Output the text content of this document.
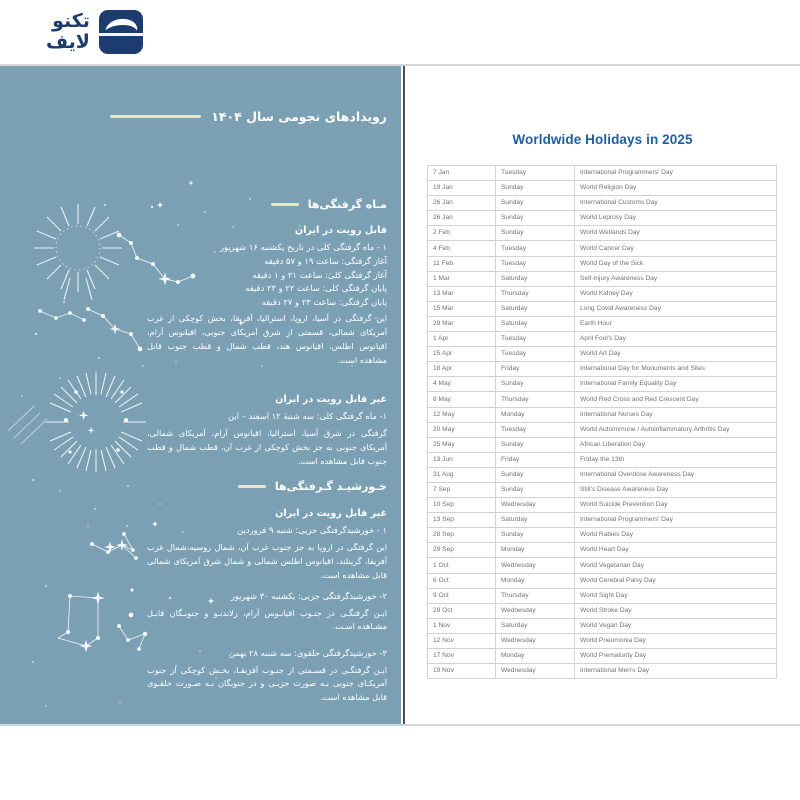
تکنو
لایف
رویدادهای نجومی سال ۱۴۰۴
مـاه گرفتگی‌ها

قابل رویت در ایران

۱ - ماه گرفتگی کلی در تاریخ یکشنبه ۱۶ شهریور

آغاز گرفتگی: ساعت ۱۹ و ۵۷ دقیقه

آغاز گرفتگی کلی: ساعت ۲۱ و ۱ دقیقه

پایان گرفتگی کلی: ساعت ۲۲ و ۲۳ دقیقه

پایان گرفتگی: ساعت ۲۳ و ۲۷ دقیقه

این گرفتگی در آسیا، اروپا، استرالیا، آفریقا، بخش کوچکی از غرب آمریکای شمالی، قسمتی از شرق آمریکای جنوبی، اقیانوس آرام، اقیانوس اطلس، اقیانوس هند، قطب شمال و قطب جنوب قابل مشاهده است.

غیر قابل رویت در ایران

۱- ماه گرفتگی کلی: سه شنبه ۱۲ اسفند – این

گرفتگی در شرق آسیا، استرالیا، اقیانوس آرام، آمریکای شمالی، آمریکای جنوبی به جز بخش کوچکی از غرب آن، قطب شمال و قطب جنوب قابل مشاهده است.

خـورشیـد گـرفتگی‌ها

غیر قابل رویت در ایران

۱ - خورشیدگرفتگی جزیی: شنبه ۹ فروردین

این گرفتگی در اروپا به جز جنوب غرب آن، شمال روسیه،شمال غرب آفریقا، گرینلند، اقیانوس اطلس شمالی و شمال شرق آمریکای شمالی قابل مشاهده است.

۲- خورشیدگرفتگی جزیی: یکشنبه ۳۰ شهریور

ایـن گرفتگـی در جنـوب اقیانـوس آرام، زلاندنـو و جنوبـگان قابـل مشـاهده اسـت.

۳- خورشیدگرفتگی حلقوی: سه شنبه ۲۸ بهمن

ایـن گرفتگـی در قسـمتی از جنـوب آفریقـا، بخـش کوچکی از جنوب آمریکـای جنوبی بـه صورت جزیـی و در جنوبگان بـه صـورت حلقـوی قابل مشاهده است.

Worldwide Holidays in 2025
7 Jan	Tuesday	International Programmers' Day
19 Jan	Sunday	World Religion Day
26 Jan	Sunday	International Customs Day
26 Jan	Sunday	World Leprosy Day
2 Feb	Sunday	World Wetlands Day
4 Feb	Tuesday	World Cancer Day
11 Feb	Tuesday	World Day of the Sick
1 Mar	Saturday	Self-Injury Awareness Day
13 Mar	Thursday	World Kidney Day
15 Mar	Saturday	Long Covid Awareness Day
29 Mar	Saturday	Earth Hour
1 Apr	Tuesday	April Fool's Day
15 Apr	Tuesday	World Art Day
18 Apr	Friday	International Day for Monuments and Sites
4 May	Sunday	International Family Equality Day
8 May	Thursday	World Red Cross and Red Crescent Day
12 May	Monday	International Nurses Day
20 May	Tuesday	World Autoimmune / Autoinflammatory Arthritis Day
25 May	Sunday	African Liberation Day
13 Jun	Friday	Friday the 13th
31 Aug	Sunday	International Overdose Awareness Day
7 Sep	Sunday	Still's Disease Awareness Day
10 Sep	Wednesday	World Suicide Prevention Day
13 Sep	Saturday	International Programmers' Day
28 Sep	Sunday	World Rabies Day
29 Sep	Monday	World Heart Day
1 Oct	Wednesday	World Vegetarian Day
6 Oct	Monday	World Cerebral Palsy Day
9 Oct	Thursday	World Sight Day
29 Oct	Wednesday	World Stroke Day
1 Nov	Saturday	World Vegan Day
12 Nov	Wednesday	World Pneumonia Day
17 Nov	Monday	World Prematurity Day
19 Nov	Wednesday	International Men's Day
